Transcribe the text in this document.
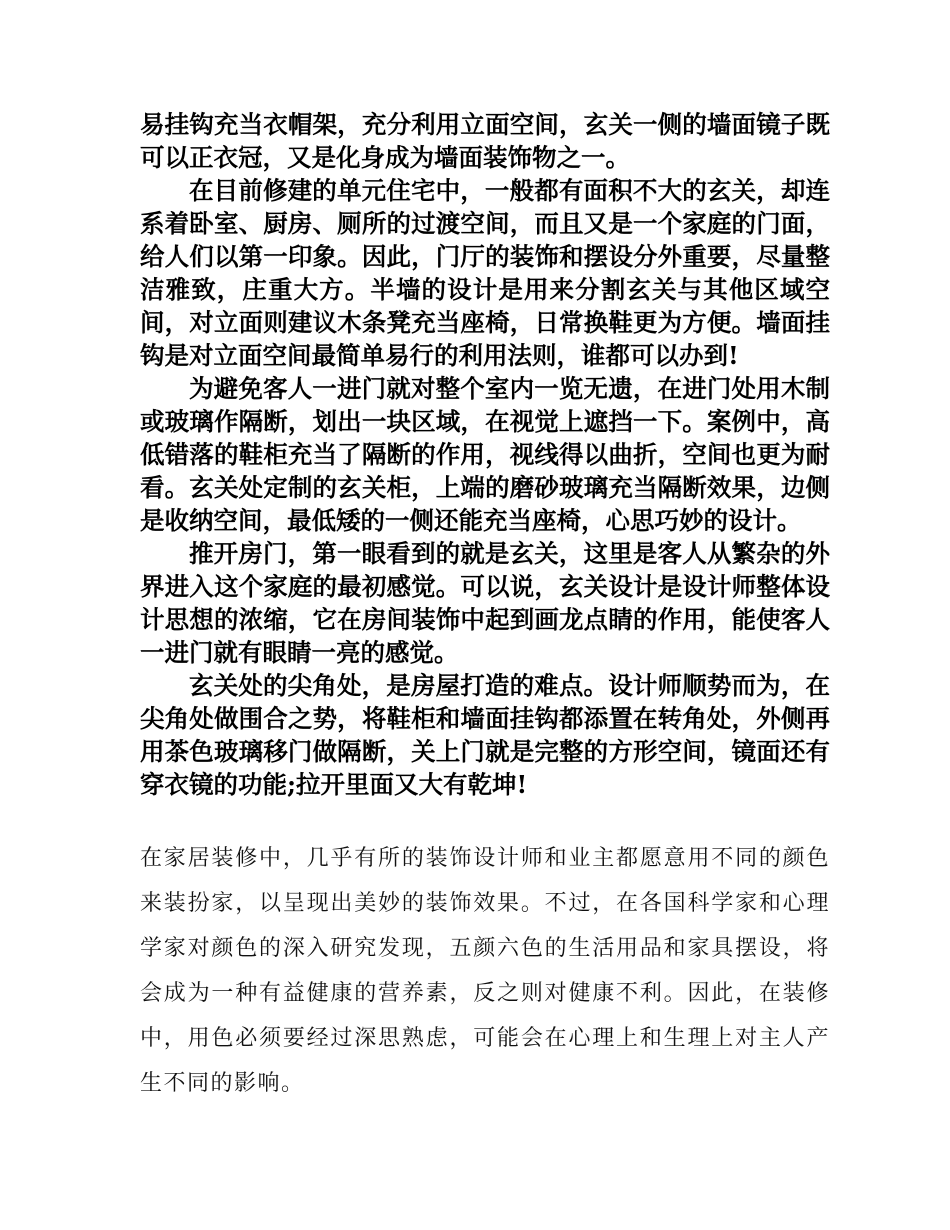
易挂钩充当衣帽架，充分利用立面空间，玄关一侧的墙面镜子既可以正衣冠，又是化身成为墙面装饰物之一。

在目前修建的单元住宅中，一般都有面积不大的玄关，却连系着卧室、厨房、厕所的过渡空间，而且又是一个家庭的门面，给人们以第一印象。因此，门厅的装饰和摆设分外重要，尽量整洁雅致，庄重大方。半墙的设计是用来分割玄关与其他区域空间，对立面则建议木条凳充当座椅，日常换鞋更为方便。墙面挂钩是对立面空间最简单易行的利用法则，谁都可以办到!

为避免客人一进门就对整个室内一览无遗，在进门处用木制或玻璃作隔断，划出一块区域，在视觉上遮挡一下。案例中，高低错落的鞋柜充当了隔断的作用，视线得以曲折，空间也更为耐看。玄关处定制的玄关柜，上端的磨砂玻璃充当隔断效果，边侧是收纳空间，最低矮的一侧还能充当座椅，心思巧妙的设计。

推开房门，第一眼看到的就是玄关，这里是客人从繁杂的外界进入这个家庭的最初感觉。可以说，玄关设计是设计师整体设计思想的浓缩，它在房间装饰中起到画龙点睛的作用，能使客人一进门就有眼睛一亮的感觉。

玄关处的尖角处，是房屋打造的难点。设计师顺势而为，在尖角处做围合之势，将鞋柜和墙面挂钩都添置在转角处，外侧再用茶色玻璃移门做隔断，关上门就是完整的方形空间，镜面还有穿衣镜的功能;拉开里面又大有乾坤!

在家居装修中，几乎有所的装饰设计师和业主都愿意用不同的颜色来装扮家，以呈现出美妙的装饰效果。不过，在各国科学家和心理学家对颜色的深入研究发现，五颜六色的生活用品和家具摆设，将会成为一种有益健康的营养素，反之则对健康不利。因此，在装修中，用色必须要经过深思熟虑，可能会在心理上和生理上对主人产生不同的影响。
